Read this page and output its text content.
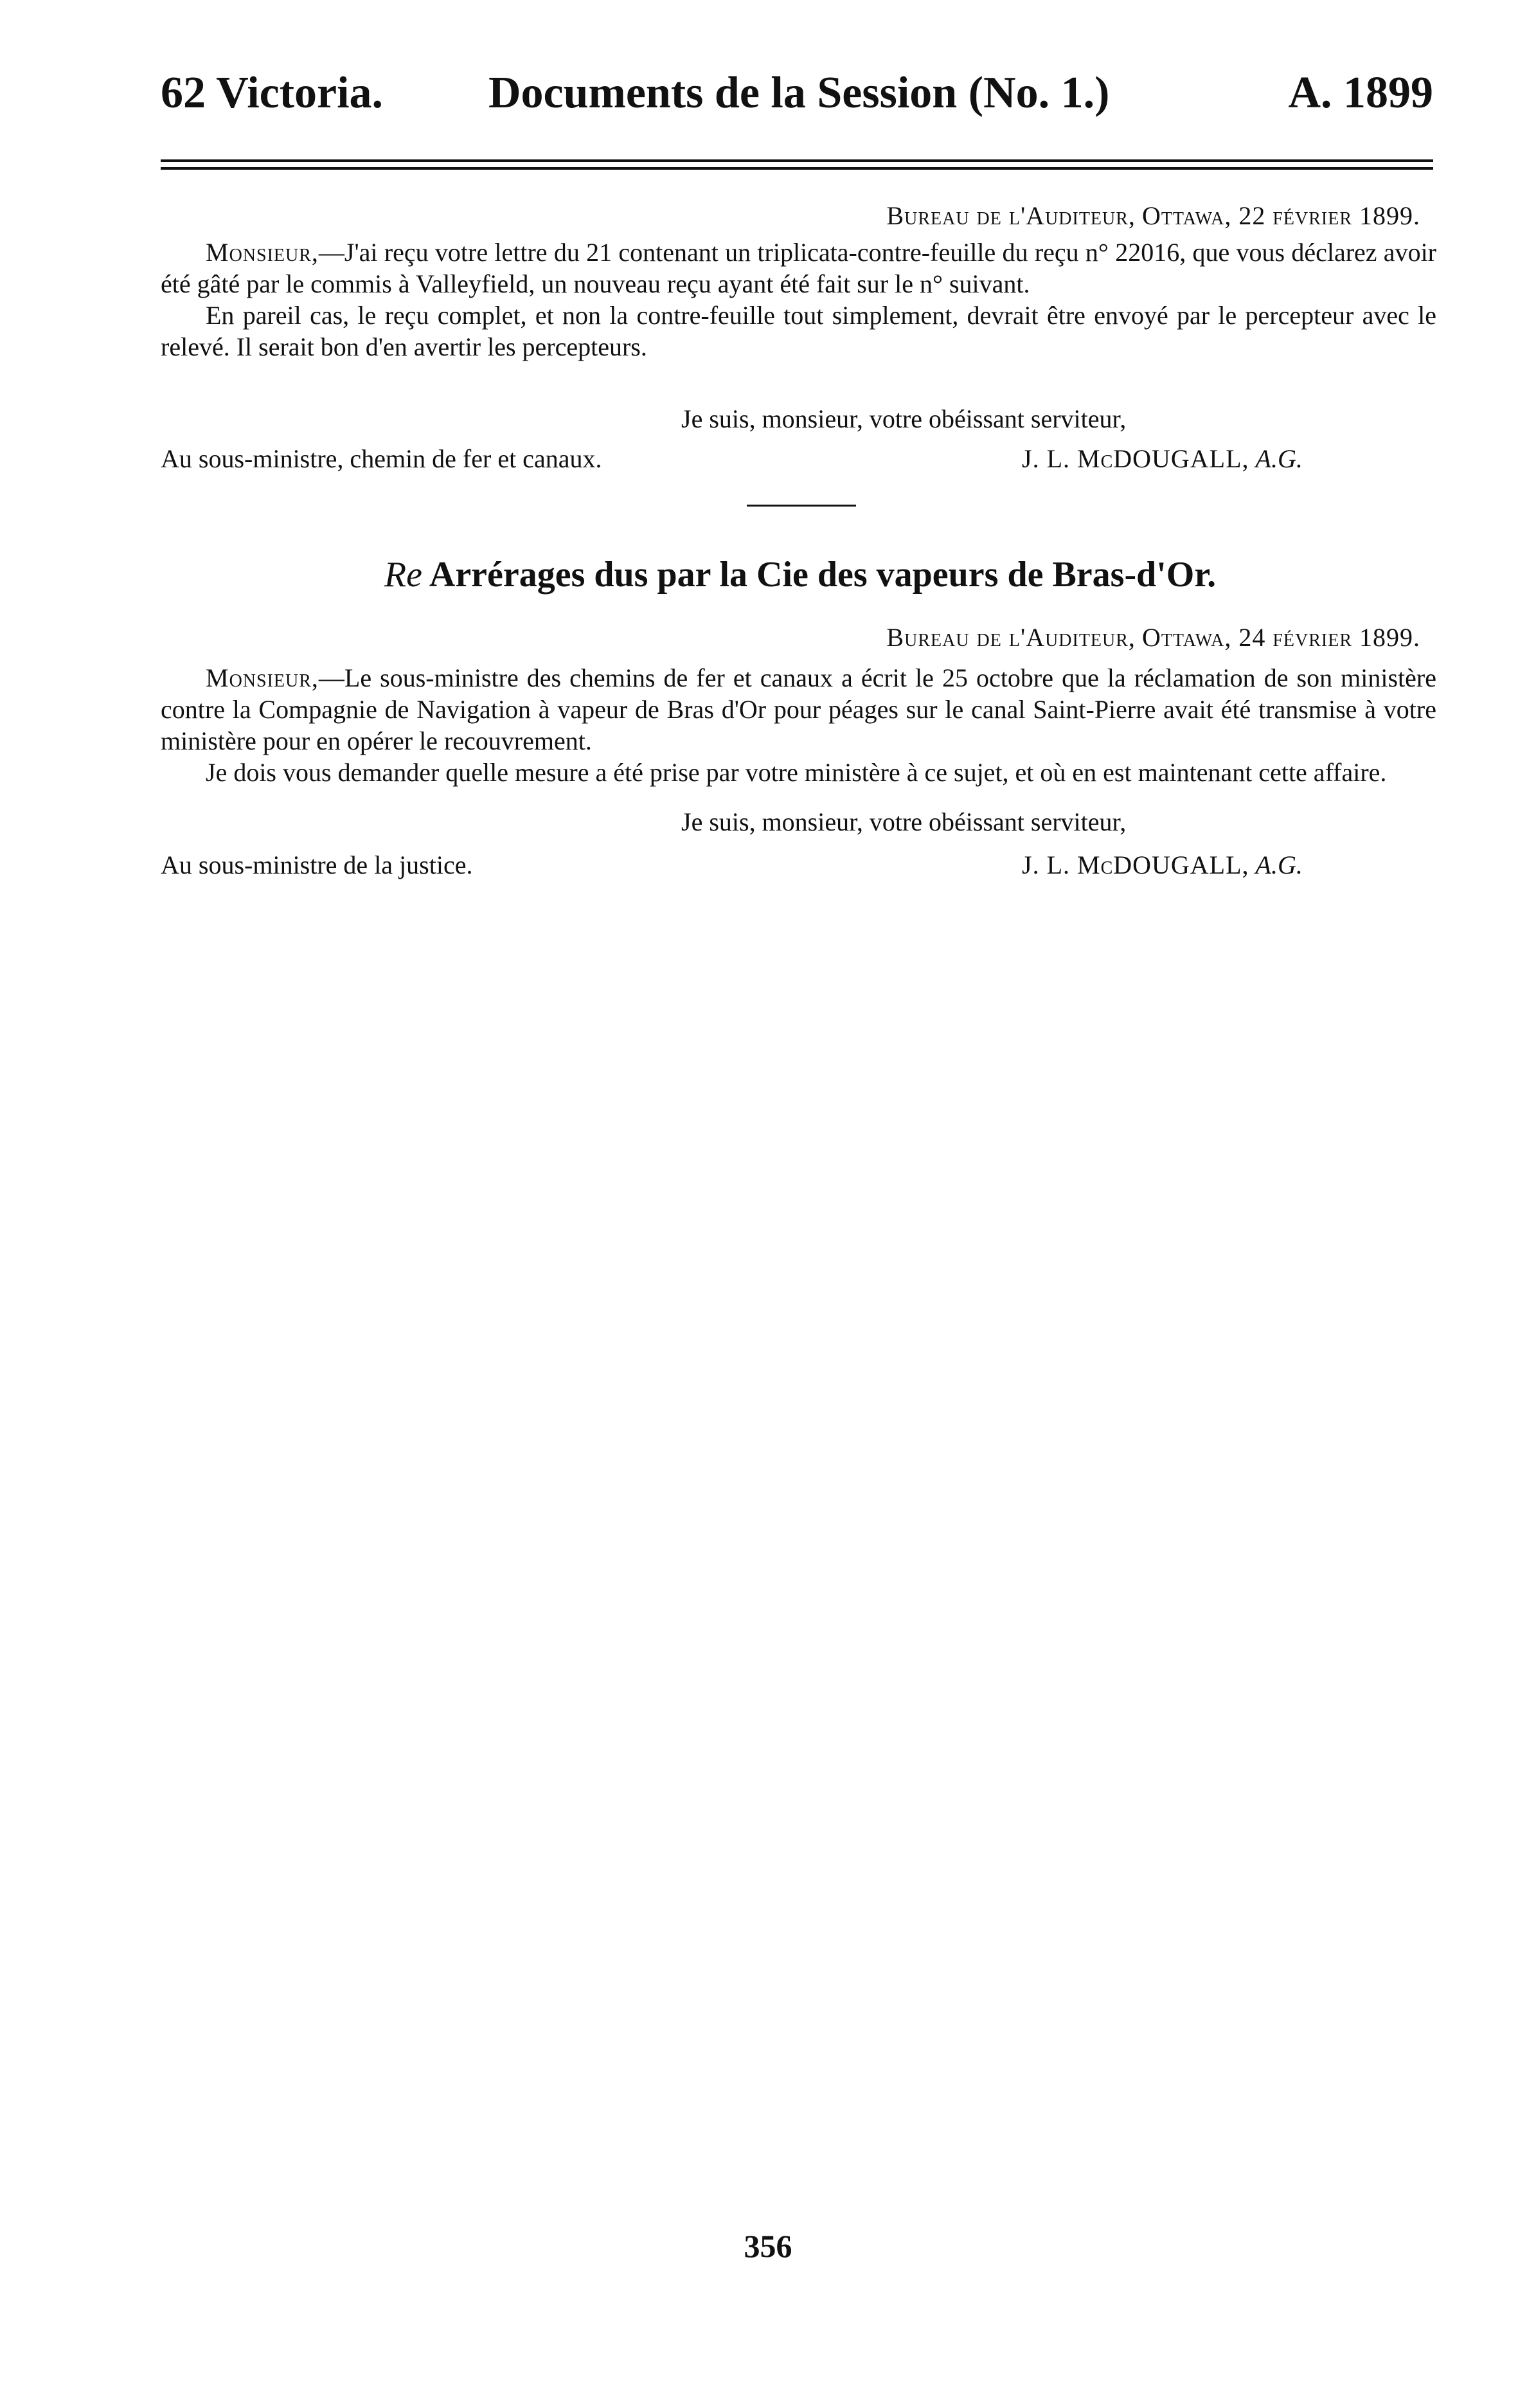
62 Victoria. Documents de la Session (No. 1.)	A. 1899
Bureau de l'Auditeur, Ottawa, 22 février 1899.

Monsieur,—J'ai reçu votre lettre du 21 contenant un triplicata-contre-feuille du reçu n° 22016, que vous déclarez avoir été gâté par le commis à Valleyfield, un nouveau reçu ayant été fait sur le n° suivant.

En pareil cas, le reçu complet, et non la contre-feuille tout simplement, devrait être envoyé par le percepteur avec le relevé. Il serait bon d'en avertir les percepteurs.

Je suis, monsieur, votre obéissant serviteur,
Au sous-ministre, chemin de fer et canaux.	J. L. McDOUGALL, A.G.
Re Arrérages dus par la Cie des vapeurs de Bras-d'Or.
Bureau de l'Auditeur, Ottawa, 24 février 1899.

Monsieur,—Le sous-ministre des chemins de fer et canaux a écrit le 25 octobre que la réclamation de son ministère contre la Compagnie de Navigation à vapeur de Bras d'Or pour péages sur le canal Saint-Pierre avait été transmise à votre ministère pour en opérer le recouvrement.

Je dois vous demander quelle mesure a été prise par votre ministère à ce sujet, et où en est maintenant cette affaire.

Je suis, monsieur, votre obéissant serviteur,
Au sous-ministre de la justice.	J. L. McDOUGALL, A.G.
356
